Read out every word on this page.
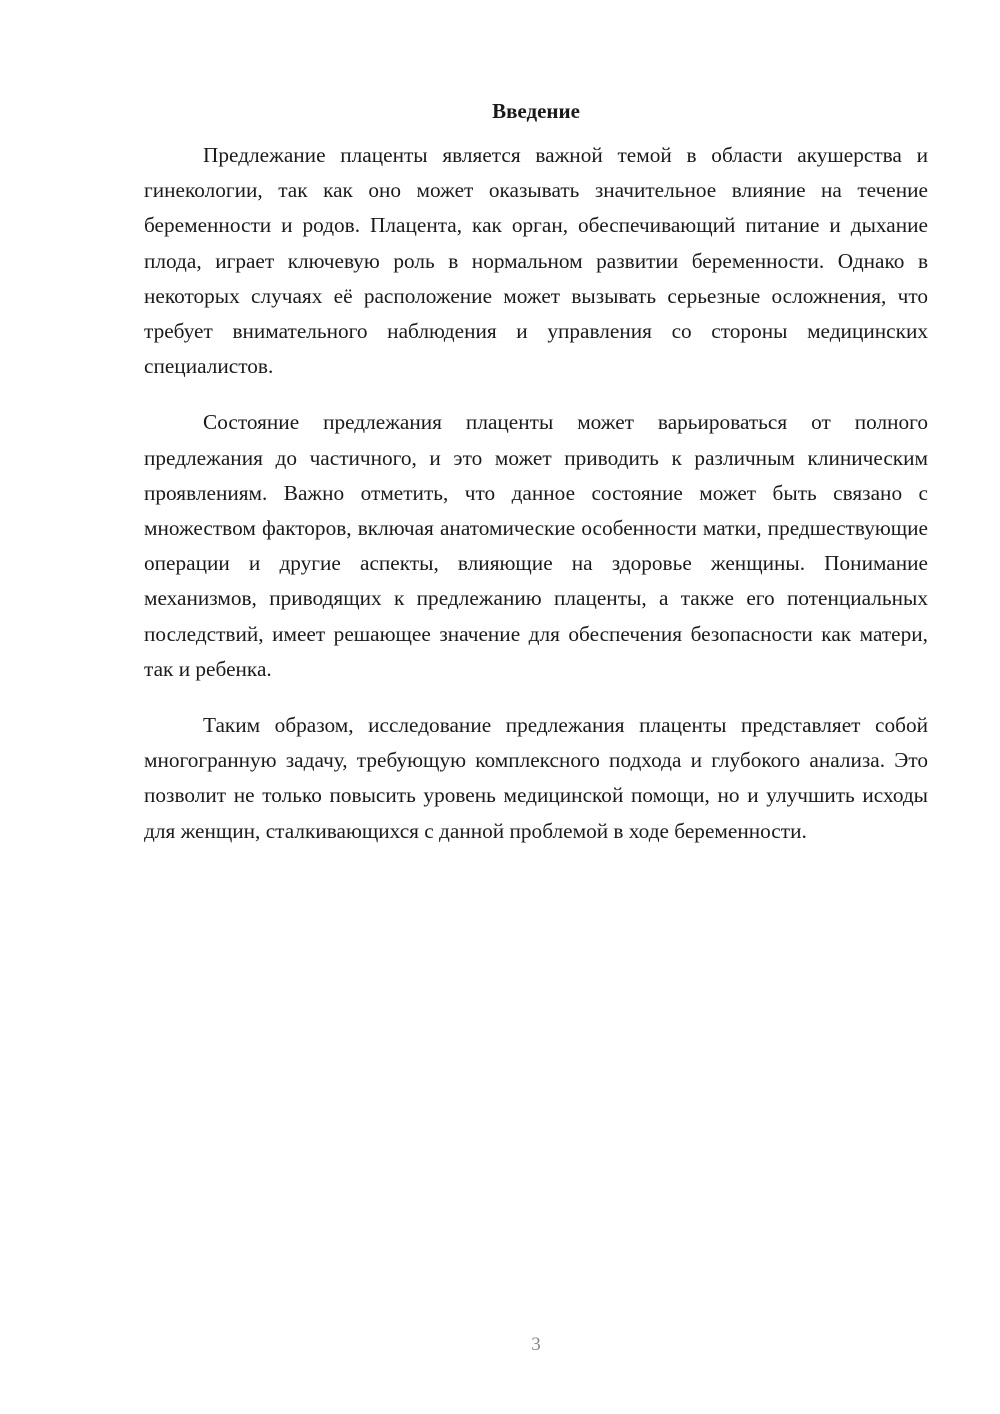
Введение

Предлежание плаценты является важной темой в области акушерства и гинекологии, так как оно может оказывать значительное влияние на течение беременности и родов. Плацента, как орган, обеспечивающий питание и дыхание плода, играет ключевую роль в нормальном развитии беременности. Однако в некоторых случаях её расположение может вызывать серьезные осложнения, что требует внимательного наблюдения и управления со стороны медицинских специалистов.

Состояние предлежания плаценты может варьироваться от полного предлежания до частичного, и это может приводить к различным клиническим проявлениям. Важно отметить, что данное состояние может быть связано с множеством факторов, включая анатомические особенности матки, предшествующие операции и другие аспекты, влияющие на здоровье женщины. Понимание механизмов, приводящих к предлежанию плаценты, а также его потенциальных последствий, имеет решающее значение для обеспечения безопасности как матери, так и ребенка.

Таким образом, исследование предлежания плаценты представляет собой многогранную задачу, требующую комплексного подхода и глубокого анализа. Это позволит не только повысить уровень медицинской помощи, но и улучшить исходы для женщин, сталкивающихся с данной проблемой в ходе беременности.

3
